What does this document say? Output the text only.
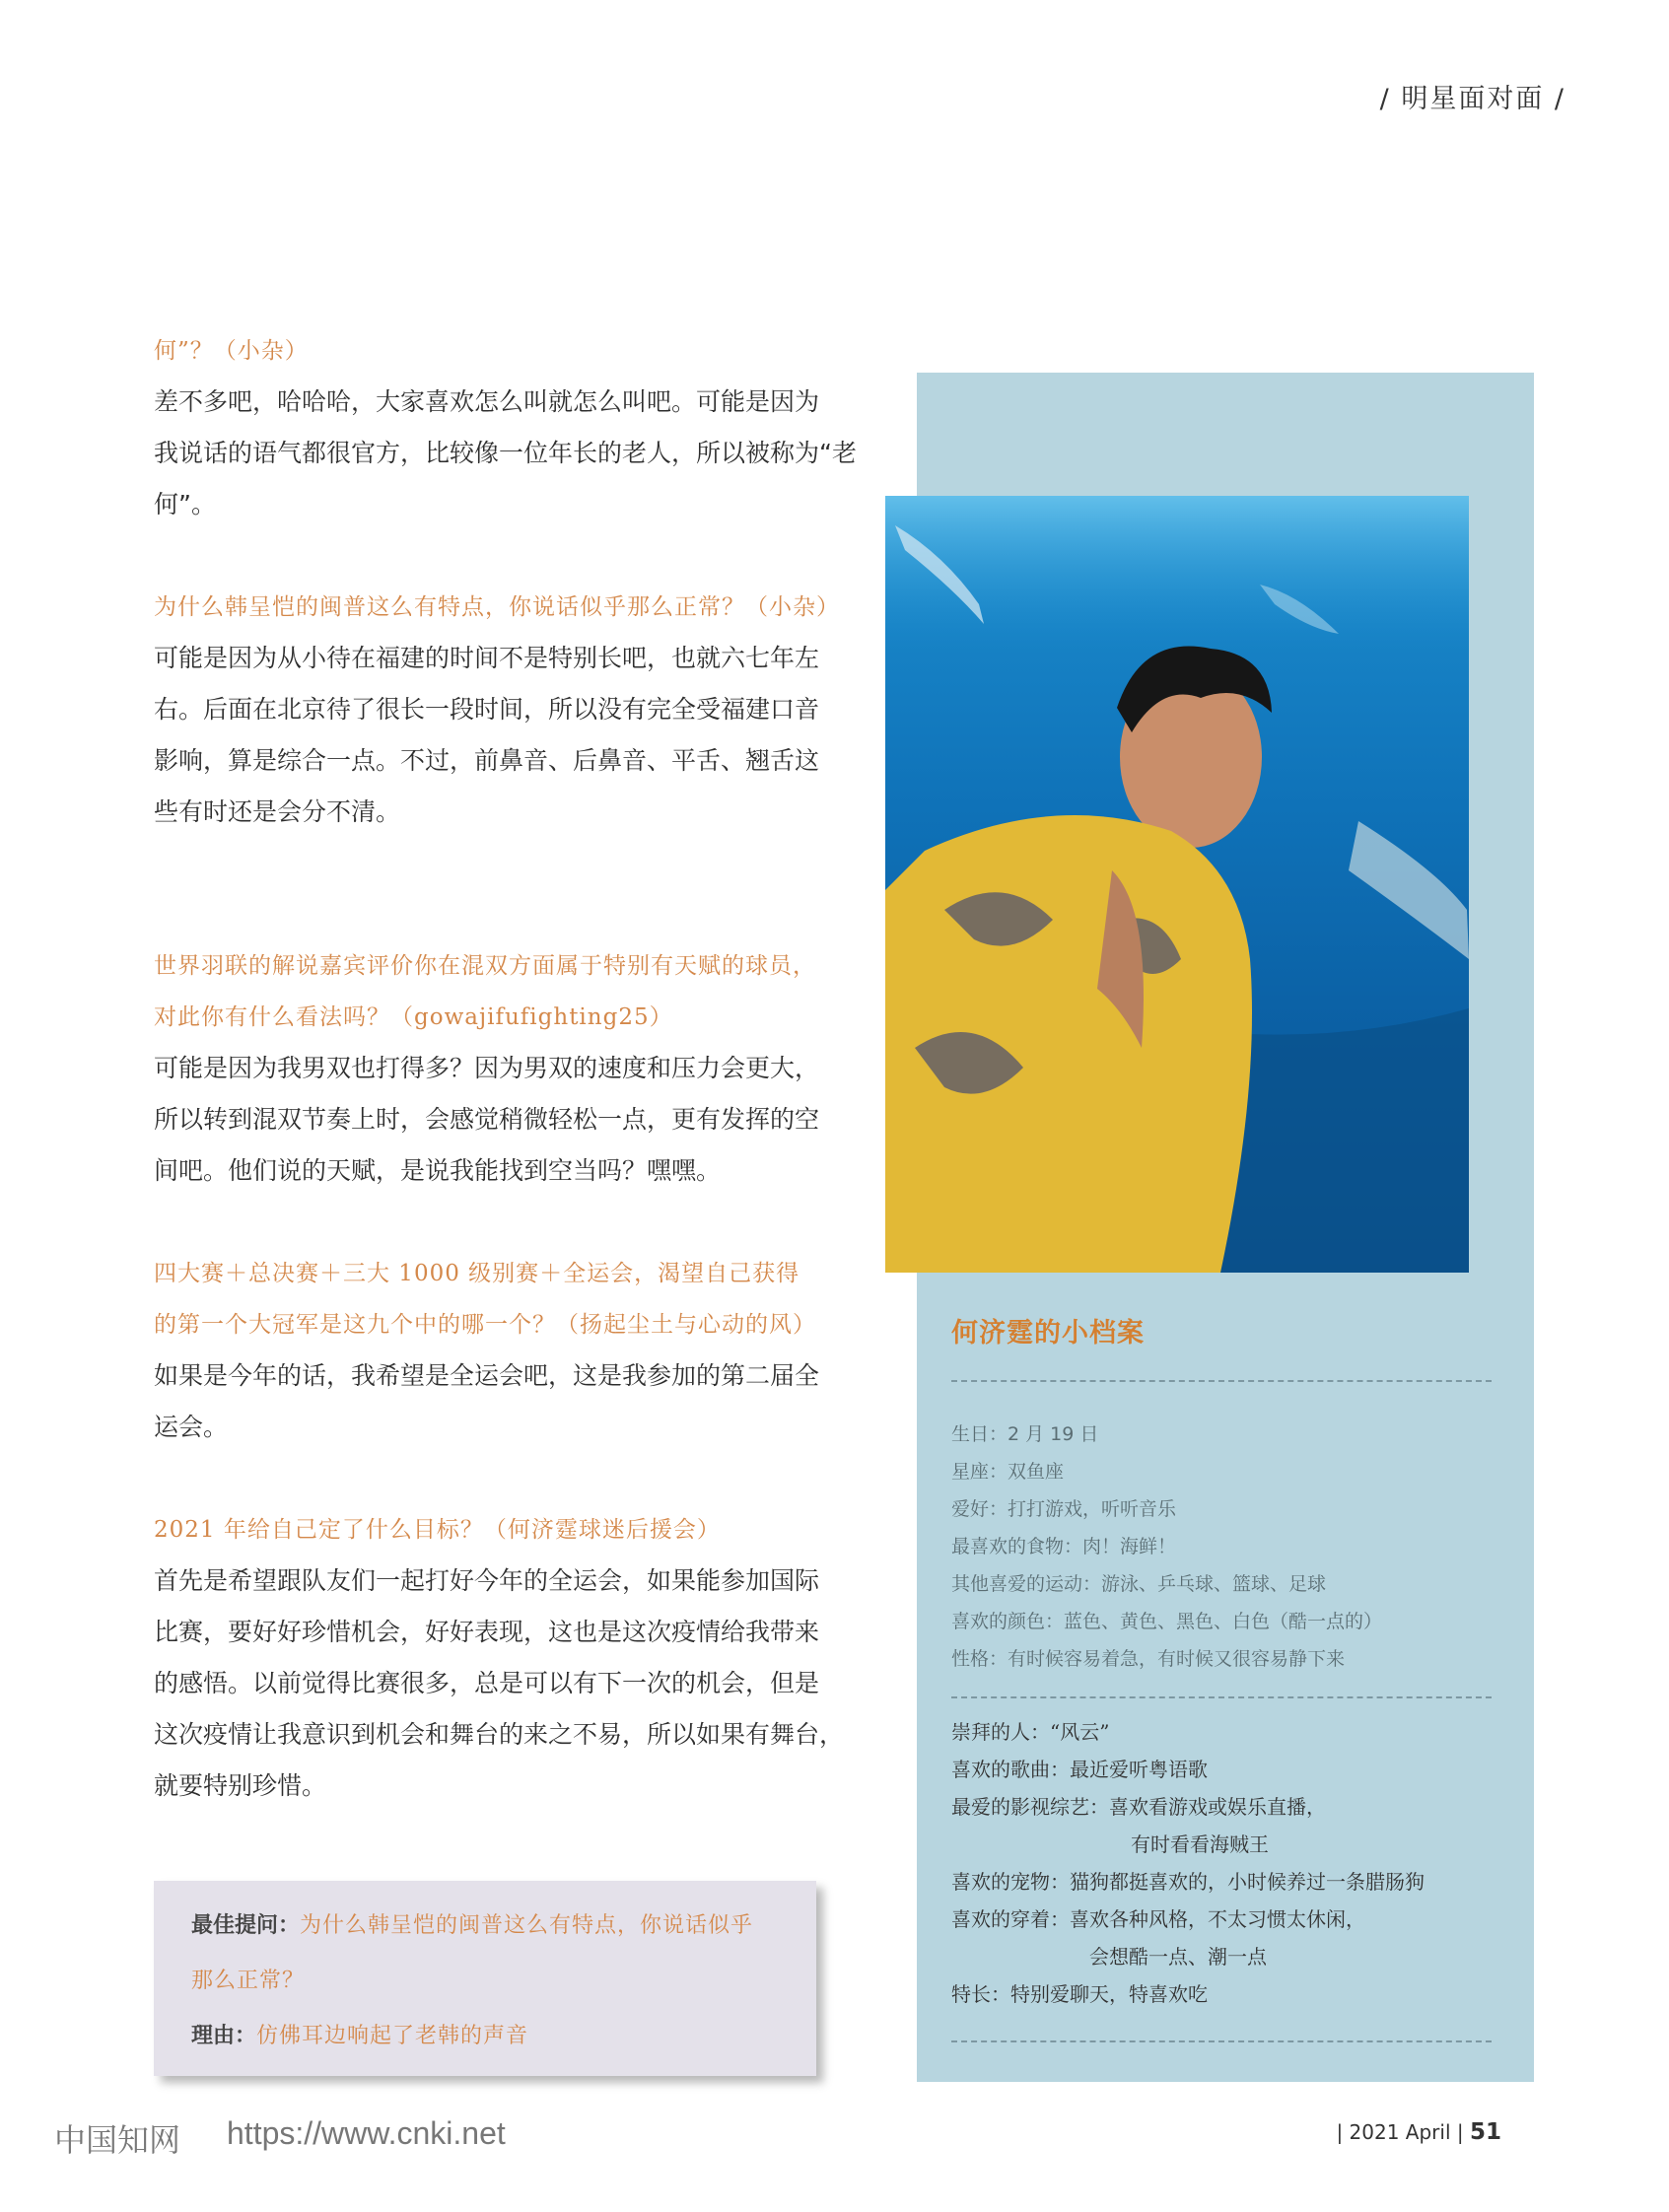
/ 明星面对面 /
何”？（小杂）
差不多吧，哈哈哈，大家喜欢怎么叫就怎么叫吧。可能是因为
我说话的语气都很官方，比较像一位年长的老人，所以被称为“老
何”。
为什么韩呈恺的闽普这么有特点，你说话似乎那么正常？（小杂）
可能是因为从小待在福建的时间不是特别长吧，也就六七年左
右。后面在北京待了很长一段时间，所以没有完全受福建口音
影响，算是综合一点。不过，前鼻音、后鼻音、平舌、翘舌这
些有时还是会分不清。
世界羽联的解说嘉宾评价你在混双方面属于特别有天赋的球员，
对此你有什么看法吗？（gowajifufighting25）
可能是因为我男双也打得多？因为男双的速度和压力会更大，
所以转到混双节奏上时，会感觉稍微轻松一点，更有发挥的空
间吧。他们说的天赋，是说我能找到空当吗？嘿嘿。
四大赛＋总决赛＋三大 1000 级别赛＋全运会，渴望自己获得
的第一个大冠军是这九个中的哪一个？（扬起尘土与心动的风）
如果是今年的话，我希望是全运会吧，这是我参加的第二届全
运会。
2021 年给自己定了什么目标？（何济霆球迷后援会）
首先是希望跟队友们一起打好今年的全运会，如果能参加国际
比赛，要好好珍惜机会，好好表现，这也是这次疫情给我带来
的感悟。以前觉得比赛很多，总是可以有下一次的机会，但是
这次疫情让我意识到机会和舞台的来之不易，所以如果有舞台，
就要特别珍惜。
最佳提问：为什么韩呈恺的闽普这么有特点，你说话似乎
那么正常？
理由：仿佛耳边响起了老韩的声音
何济霆的小档案
生日：2 月 19 日
星座：双鱼座
爱好：打打游戏，听听音乐
最喜欢的食物：肉！海鲜！
其他喜爱的运动：游泳、乒乓球、篮球、足球
喜欢的颜色：蓝色、黄色、黑色、白色（酷一点的）
性格：有时候容易着急，有时候又很容易静下来
崇拜的人：“风云”
喜欢的歌曲：最近爱听粤语歌
最爱的影视综艺：喜欢看游戏或娱乐直播，
有时看看海贼王
喜欢的宠物：猫狗都挺喜欢的，小时候养过一条腊肠狗
喜欢的穿着：喜欢各种风格，不太习惯太休闲，
会想酷一点、潮一点
特长：特别爱聊天，特喜欢吃
中国知网 https://www.cnki.net	| 2021 April | 51
